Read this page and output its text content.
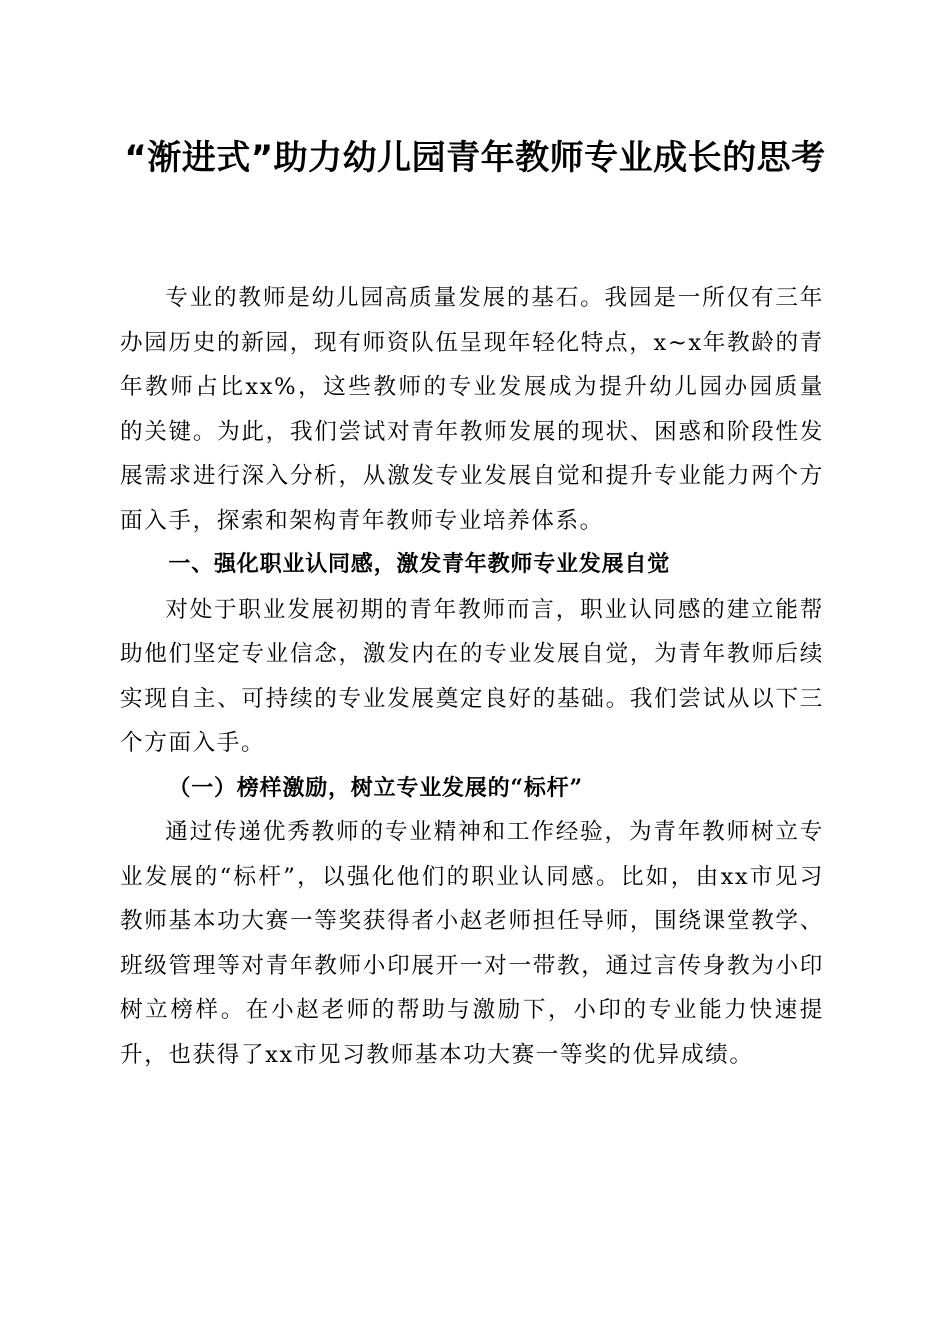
“渐进式”助力幼儿园青年教师专业成长的思考

专业的教师是幼儿园高质量发展的基石。我园是一所仅有三年办园历史的新园，现有师资队伍呈现年轻化特点，x~x年教龄的青年教师占比xx%，这些教师的专业发展成为提升幼儿园办园质量的关键。为此，我们尝试对青年教师发展的现状、困惑和阶段性发展需求进行深入分析，从激发专业发展自觉和提升专业能力两个方面入手，探索和架构青年教师专业培养体系。

一、强化职业认同感，激发青年教师专业发展自觉

对处于职业发展初期的青年教师而言，职业认同感的建立能帮助他们坚定专业信念，激发内在的专业发展自觉，为青年教师后续实现自主、可持续的专业发展奠定良好的基础。我们尝试从以下三个方面入手。

（一）榜样激励，树立专业发展的“标杆”

通过传递优秀教师的专业精神和工作经验，为青年教师树立专业发展的“标杆”，以强化他们的职业认同感。比如，由xx市见习教师基本功大赛一等奖获得者小赵老师担任导师，围绕课堂教学、班级管理等对青年教师小印展开一对一带教，通过言传身教为小印树立榜样。在小赵老师的帮助与激励下，小印的专业能力快速提升，也获得了xx市见习教师基本功大赛一等奖的优异成绩。
